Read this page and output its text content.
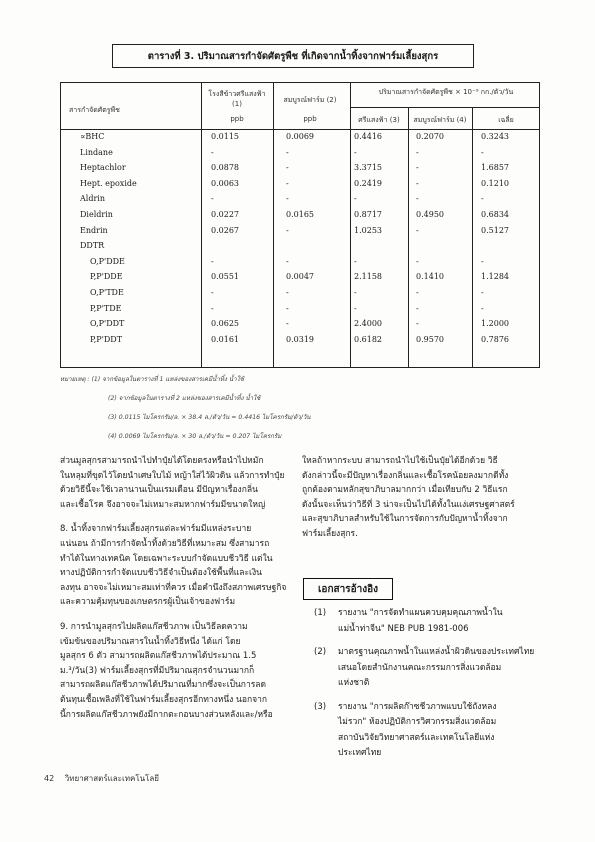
ตารางที่ 3. ปริมาณสารกำจัดศัตรูพืช ที่เกิดจากน้ำทิ้งจากฟาร์มเลี้ยงสุกร
สารกำจัดศัตรูพืช
โรงสีข้าวศรีแสงฟ้า (1)
ppb
สมบูรณ์ฟาร์ม (2)
ppb
ปริมาณสารกำจัดศัตรูพืช × 10⁻⁹ กก./ตัว/วัน
ศรีแสงฟ้า (3)	สมบูรณ์ฟาร์ม (4)	เฉลี่ย
∝BHC	0.0115	0.0069	0.4416	0.2070	0.3243
Lindane	-	-	-	-	-
Heptachlor	0.0878	-	3.3715	-	1.6857
Hept. epoxide	0.0063	-	0.2419	-	0.1210
Aldrin	-	-	-	-	-
Dieldrin	0.0227	0.0165	0.8717	0.4950	0.6834
Endrin	0.0267	-	1.0253	-	0.5127
DDTR
O,P'DDE	-	-	-	-	-
P,P'DDE	0.0551	0.0047	2.1158	0.1410	1.1284
O,P'TDE	-	-	-	-	-
P,P'TDE	-	-	-	-	-
O,P'DDT	0.0625	-	2.4000	-	1.2000
P,P'DDT	0.0161	0.0319	0.6182	0.9570	0.7876
หมายเหตุ : (1) จากข้อมูลในตารางที่ 1 แหล่งของสารเคมีน้ำทิ้ง น้ำใช้
(2) จากข้อมูลในตารางที่ 2 แหล่งของสารเคมีน้ำทิ้ง น้ำใช้
(3) 0.0115 ไมโครกรัม/ล. × 38.4 ล./ตัว/วัน = 0.4416 ไมโครกรัม/ตัว/วัน
(4) 0.0069 ไมโครกรัม/ล. × 30 ล./ตัว/วัน = 0.207 ไมโครกรัม

ส่วนมูลสุกรสามารถนำไปทำปุ๋ยได้โดยตรงหรือนำไปหมัก

ในหลุมที่ขุดไว้โดยนำเศษใบไม้ หญ้าใส่ไว้ผิวดิน แล้วการทำปุ๋ย

ด้วยวิธีนี้จะใช้เวลานานเป็นแรมเดือน มีปัญหาเรื่องกลิ่น

และเชื้อโรค จึงอาจจะไม่เหมาะสมหากฟาร์มมีขนาดใหญ่

8. น้ำทิ้งจากฟาร์มเลี้ยงสุกรแต่ละฟาร์มมีแหล่งระบาย

แน่นอน ถ้ามีการกำจัดน้ำทิ้งด้วยวิธีที่เหมาะสม ซึ่งสามารถ

ทำได้ในทางเทคนิค โดยเฉพาะระบบกำจัดแบบชีววิธี แต่ใน

ทางปฏิบัติการกำจัดแบบชีววิธีจำเป็นต้องใช้พื้นที่และเงิน

ลงทุน อาจจะไม่เหมาะสมเท่าที่ควร เมื่อคำนึงถึงสภาพเศรษฐกิจ

และความคุ้มทุนของเกษตรกรผู้เป็นเจ้าของฟาร์ม

9. การนำมูลสุกรไปผลิตแก๊สชีวภาพ เป็นวิธีลดความ

เข้มข้นของปริมาณสารในน้ำทิ้งวิธีหนึ่ง ได้แก่ โดย

มูลสุกร 6 ตัว สามารถผลิตแก๊สชีวภาพได้ประมาณ 1.5

ม.³/วัน(3) ฟาร์มเลี้ยงสุกรที่มีปริมาณสุกรจำนวนมากก็

สามารถผลิตแก๊สชีวภาพได้ปริมาณที่มากซึ่งจะเป็นการลด

ต้นทุนเชื้อเพลิงที่ใช้ในฟาร์มเลี้ยงสุกรอีกทางหนึ่ง นอกจาก

นี้การผลิตแก๊สชีวภาพยังมีกากตะกอนบางส่วนหลังและ/หรือ

ใหลถ้าหากระบบ สามารถนำไปใช้เป็นปุ๋ยได้อีกด้วย วิธี

ดังกล่าวนี้จะมีปัญหาเรื่องกลิ่นและเชื้อโรคน้อยลงมากดีทั้ง

ถูกต้องตามหลักสุขาภิบาลมากกว่า เมื่อเทียบกับ 2 วิธีแรก

ดังนั้นจะเห็นว่าวิธีที่ 3 น่าจะเป็นไปได้ทั้งในแง่เศรษฐศาสตร์

และสุขาภิบาลสำหรับใช้ในการจัดการกับปัญหาน้ำทิ้งจาก

ฟาร์มเลี้ยงสุกร.

เอกสารอ้างอิง
(1) รายงาน "การจัดทำแผนควบคุมคุณภาพน้ำใน
แม่น้ำท่าจีน" NEB PUB 1981-006
(2) มาตรฐานคุณภาพน้ำในแหล่งน้ำผิวดินของประเทศไทย
เสนอโดยสำนักงานคณะกรรมการสิ่งแวดล้อม
แห่งชาติ
(3) รายงาน "การผลิตก๊าซชีวภาพแบบใช้ถังหลง
ไม่รวก" ห้องปฏิบัติการวิศวกรรมสิ่งแวดล้อม
สถาบันวิจัยวิทยาศาสตร์และเทคโนโลยีแห่ง
ประเทศไทย
42 วิทยาศาสตร์และเทคโนโลยี
